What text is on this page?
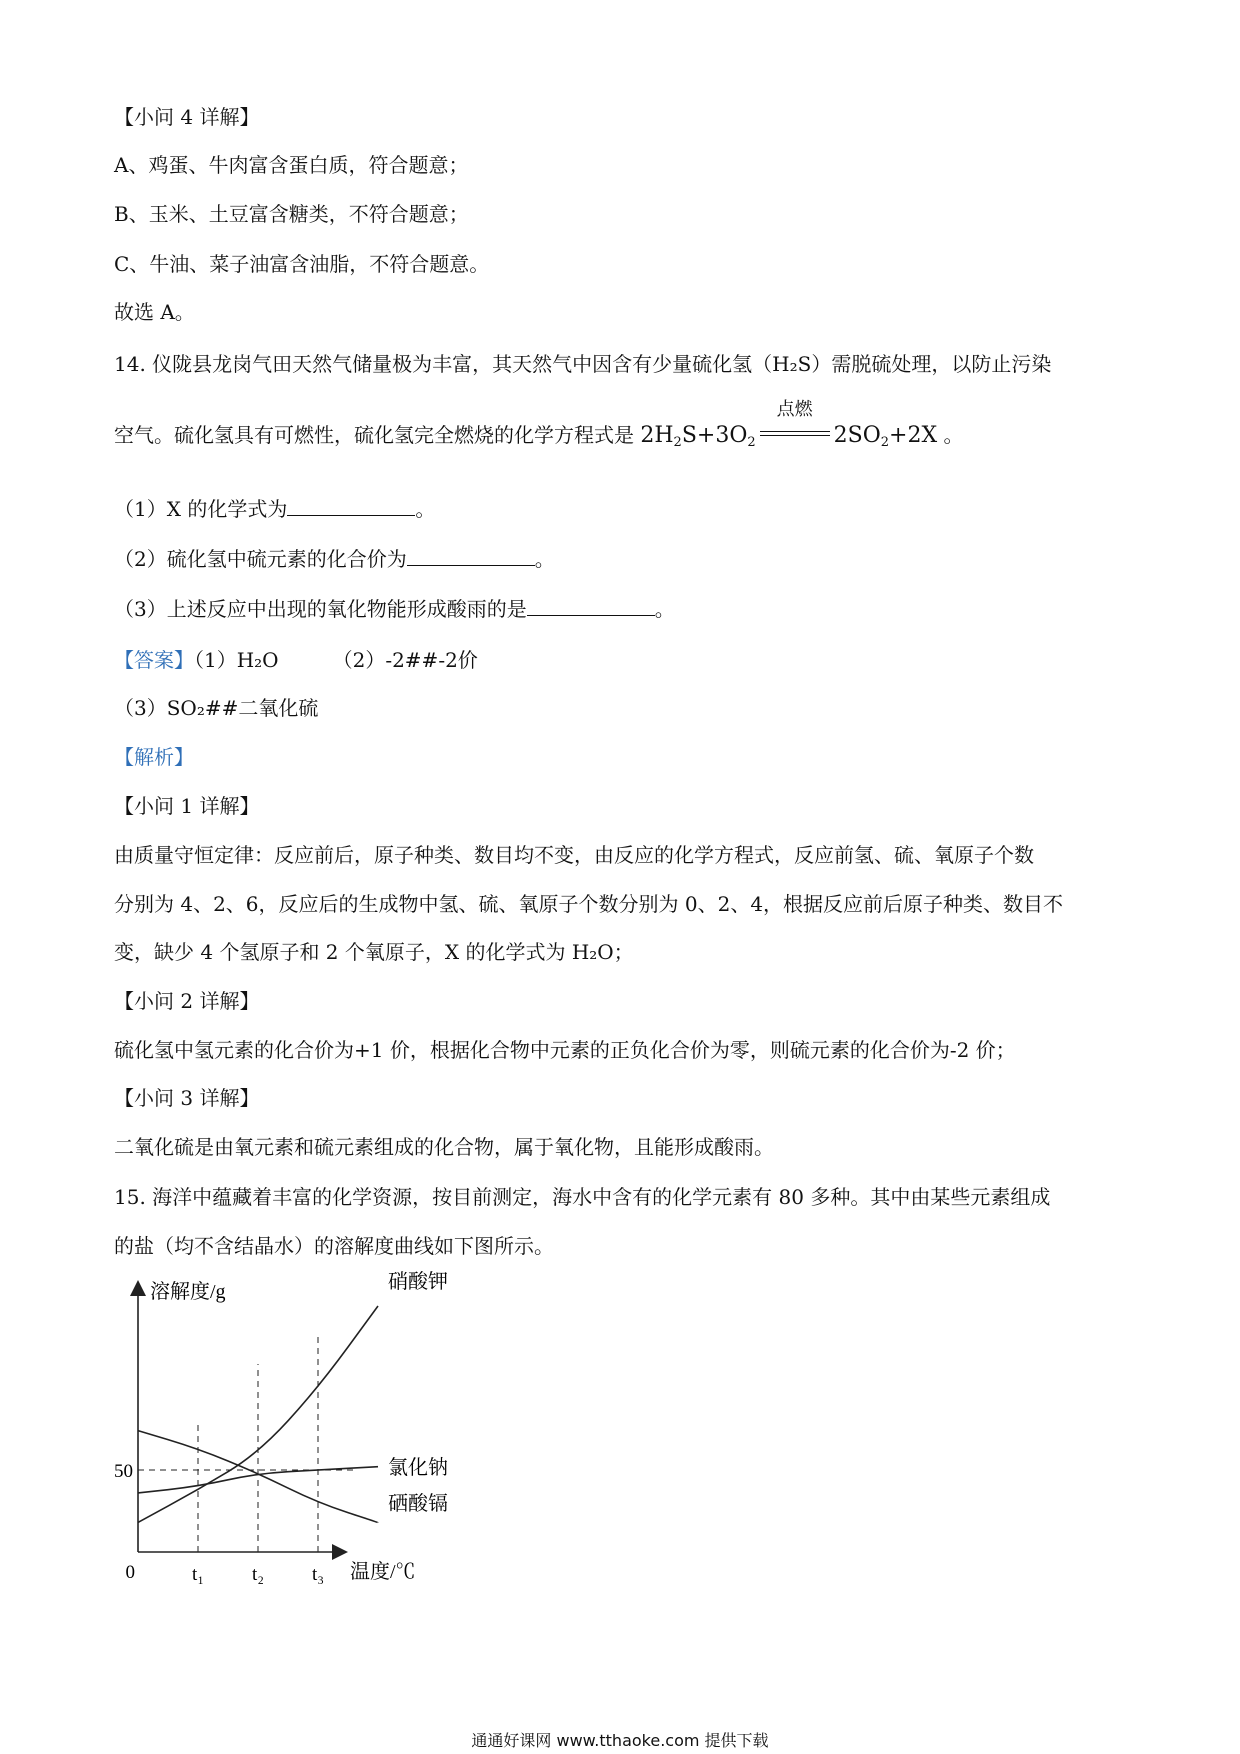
【小问 4 详解】
A、鸡蛋、牛肉富含蛋白质，符合题意；
B、玉米、土豆富含糖类，不符合题意；
C、牛油、菜子油富含油脂，不符合题意。
故选 A。
14. 仪陇县龙岗气田天然气储量极为丰富，其天然气中因含有少量硫化氢（H₂S）需脱硫处理，以防止污染
空气。硫化氢具有可燃性，硫化氢完全燃烧的化学方程式是 $2H_2S+3O_2$
点燃
$2SO_2+2X$ 。
（1）X 的化学式为	。
（2）硫化氢中硫元素的化合价为	。
（3）上述反应中出现的氧化物能形成酸雨的是	。
【答案】（1）H₂O	（2）-2##-2价
（3）SO₂##二氧化硫
【解析】
【小问 1 详解】
由质量守恒定律：反应前后，原子种类、数目均不变，由反应的化学方程式，反应前氢、硫、氧原子个数
分别为 4、2、6，反应后的生成物中氢、硫、氧原子个数分别为 0、2、4，根据反应前后原子种类、数目不
变，缺少 4 个氢原子和 2 个氧原子，X 的化学式为 H₂O；
【小问 2 详解】
硫化氢中氢元素的化合价为+1 价，根据化合物中元素的正负化合价为零，则硫元素的化合价为-2 价；
【小问 3 详解】
二氧化硫是由氧元素和硫元素组成的化合物，属于氧化物，且能形成酸雨。
15. 海洋中蕴藏着丰富的化学资源，按目前测定，海水中含有的化学元素有 80 多种。其中由某些元素组成
的盐（均不含结晶水）的溶解度曲线如下图所示。
溶解度/g
温度/℃
0
50
t₁	t₂	t₃
硝酸钾
氯化钠
硒酸镉
通通好课网 www.tthaoke.com 提供下载
